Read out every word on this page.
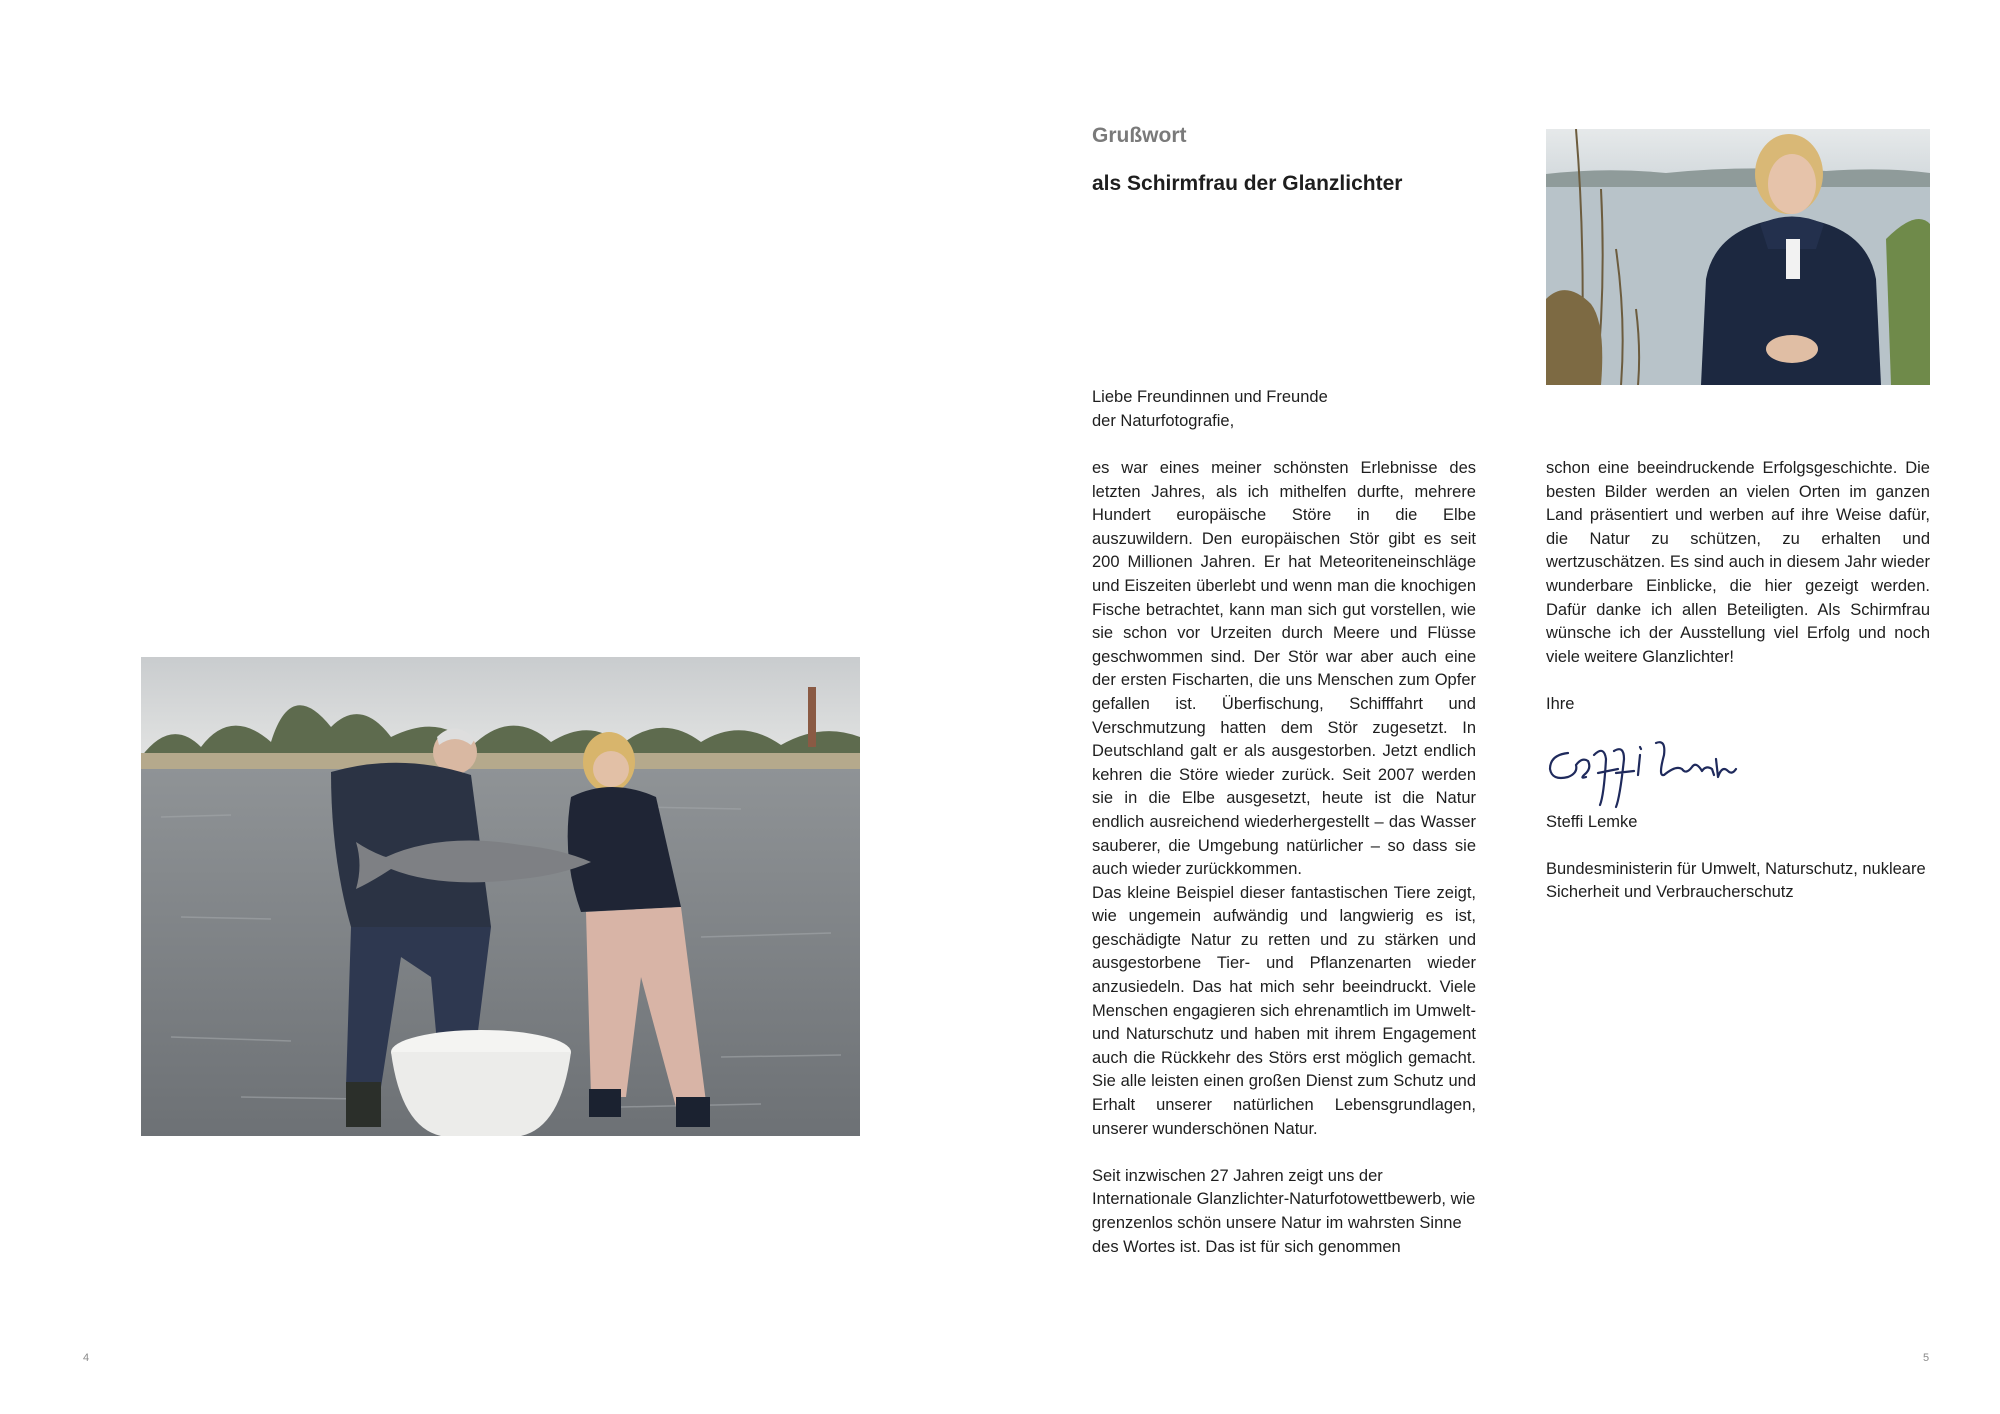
Grußwort
als Schirmfrau der Glanzlichter
Liebe Freundinnen und Freunde
der Naturfotografie,

es war eines meiner schönsten Erlebnisse des letzten Jahres, als ich mithelfen durfte, mehrere Hundert europäische Störe in die Elbe auszuwildern. Den europäischen Stör gibt es seit 200 Millionen Jahren. Er hat Meteoriteneinschläge und Eiszeiten überlebt und wenn man die knochigen Fische betrachtet, kann man sich gut vorstellen, wie sie schon vor Urzeiten durch Meere und Flüsse geschwommen sind. Der Stör war aber auch eine der ersten Fischarten, die uns Menschen zum Opfer gefallen ist. Überfischung, Schifffahrt und Verschmutzung hatten dem Stör zugesetzt. In Deutschland galt er als ausgestorben. Jetzt endlich kehren die Störe wieder zurück. Seit 2007 werden sie in die Elbe ausgesetzt, heute ist die Natur endlich ausreichend wiederhergestellt – das Wasser sauberer, die Umgebung natürlicher – so dass sie auch wieder zurückkommen.

Das kleine Beispiel dieser fantastischen Tiere zeigt, wie ungemein aufwändig und langwierig es ist, geschädigte Natur zu retten und zu stärken und ausgestorbene Tier- und Pflanzenarten wieder anzusiedeln. Das hat mich sehr beeindruckt. Viele Menschen engagieren sich ehrenamtlich im Umwelt- und Naturschutz und haben mit ihrem Engagement auch die Rückkehr des Störs erst möglich gemacht. Sie alle leisten einen großen Dienst zum Schutz und Erhalt unserer natürlichen Lebensgrundlagen, unserer wunderschönen Natur.

Seit inzwischen 27 Jahren zeigt uns der Internationale Glanzlichter-Naturfotowettbewerb, wie grenzenlos schön unsere Natur im wahrsten Sinne des Wortes ist. Das ist für sich genommen

schon eine beeindruckende Erfolgsgeschichte. Die besten Bilder werden an vielen Orten im ganzen Land präsentiert und werben auf ihre Weise dafür, die Natur zu schützen, zu erhalten und wertzuschätzen. Es sind auch in diesem Jahr wieder wunderbare Einblicke, die hier gezeigt werden. Dafür danke ich allen Beteiligten. Als Schirmfrau wünsche ich der Ausstellung viel Erfolg und noch viele weitere Glanzlichter!

Ihre

Steffi Lemke

Bundesministerin für Umwelt, Naturschutz, nukleare Sicherheit und Verbraucherschutz

4	5
